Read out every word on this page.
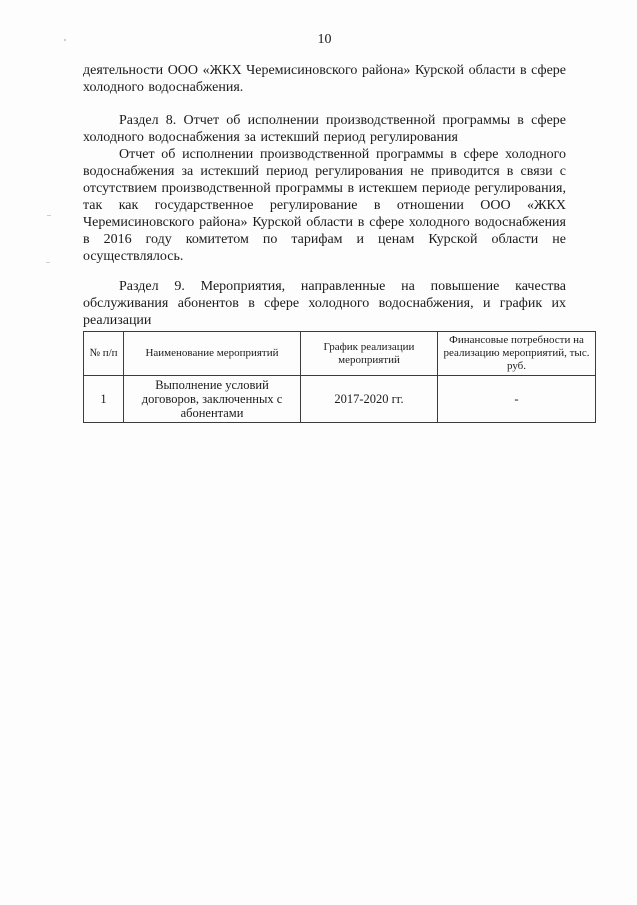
10

деятельности ООО «ЖКХ Черемисиновского района» Курской области в сфере холодного водоснабжения.

Раздел 8. Отчет об исполнении производственной программы в сфере холодного водоснабжения за истекший период регулирования

Отчет об исполнении производственной программы в сфере холодного водоснабжения за истекший период регулирования не приводится в связи с отсутствием производственной программы в истекшем периоде регулирования, так как государственное регулирование в отношении ООО «ЖКХ Черемисиновского района» Курской области в сфере холодного водоснабжения в 2016 году комитетом по тарифам и ценам Курской области не осуществлялось.

Раздел 9. Мероприятия, направленные на повышение качества обслуживания абонентов в сфере холодного водоснабжения, и график их реализации

№ п/п	Наименование мероприятий	График реализации мероприятий	Финансовые потребности на реализацию мероприятий, тыс. руб.
1	Выполнение условий договоров, заключенных с абонентами	2017-2020 гг.	-
